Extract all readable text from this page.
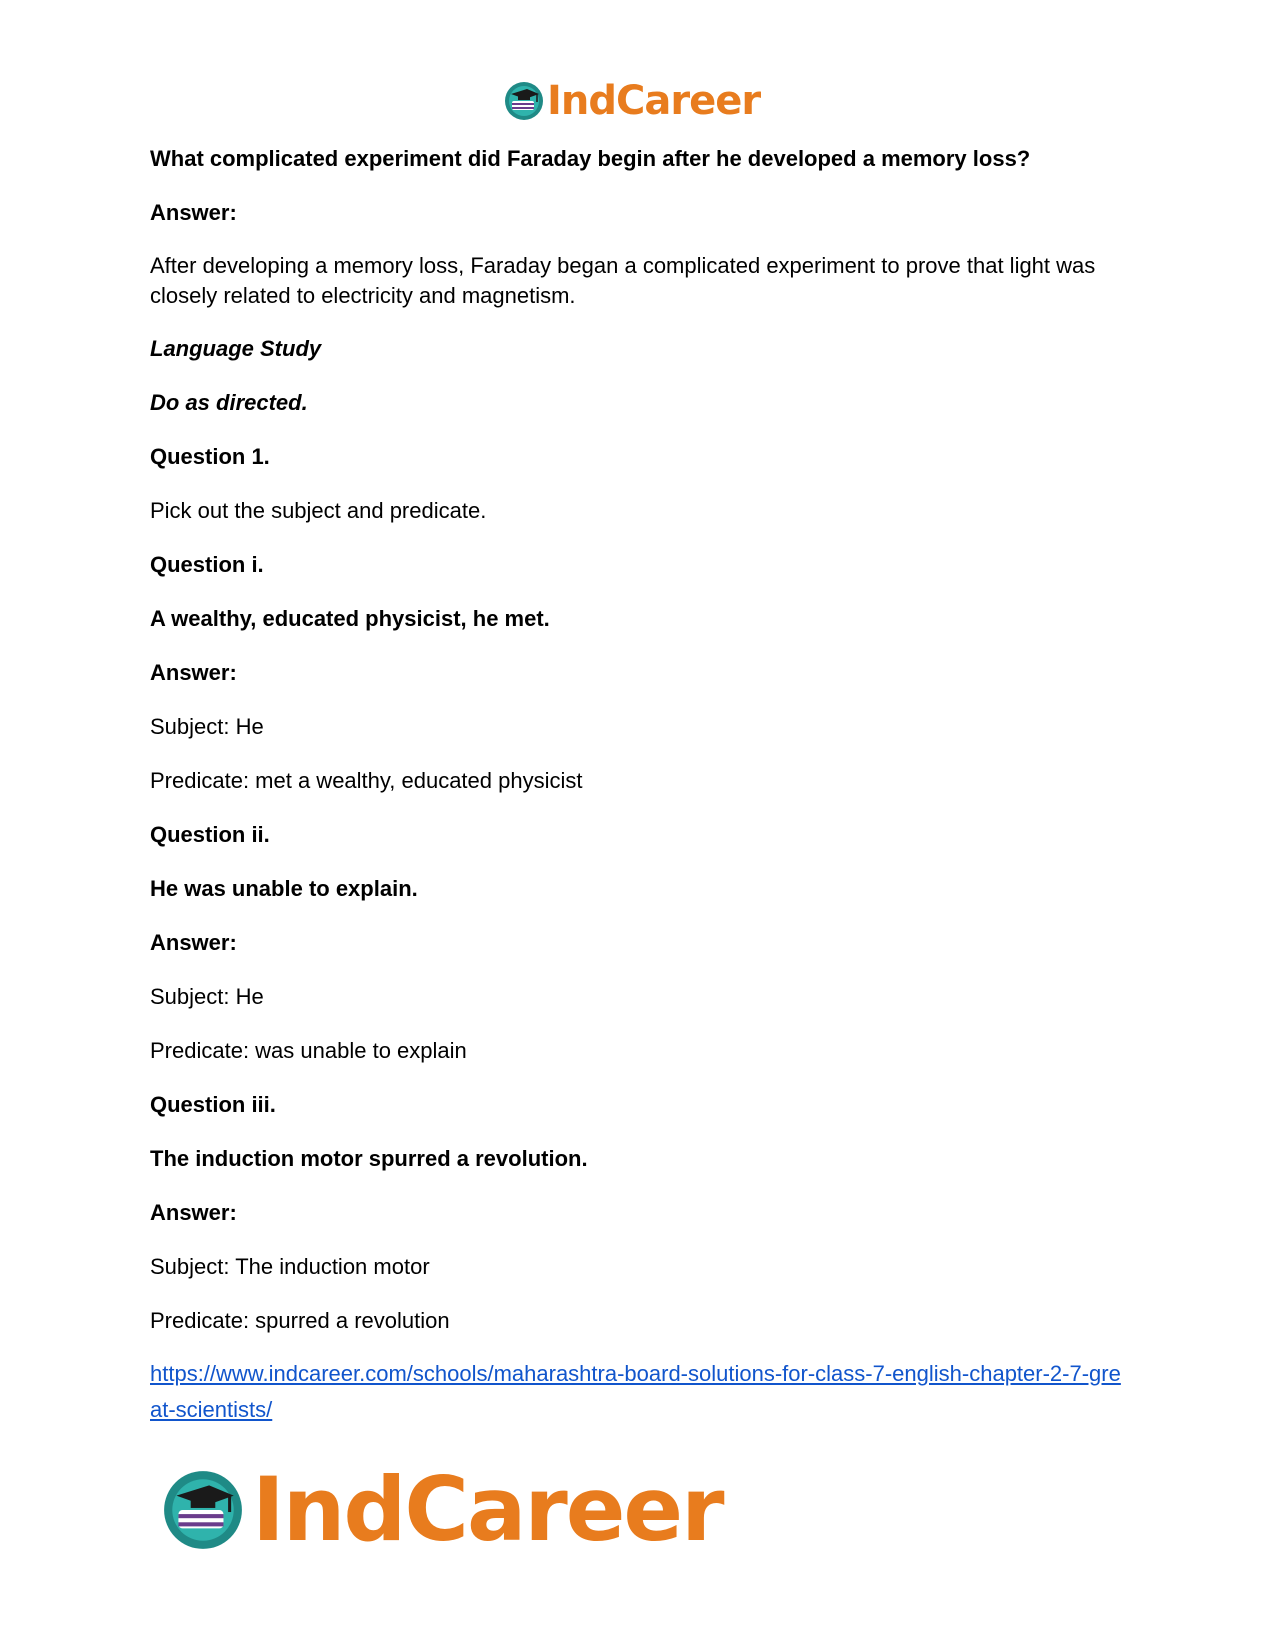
IndCareer
What complicated experiment did Faraday begin after he developed a memory loss?
Answer:
After developing a memory loss, Faraday began a complicated experiment to prove that light was closely related to electricity and magnetism.
Language Study
Do as directed.
Question 1.
Pick out the subject and predicate.
Question i.
A wealthy, educated physicist, he met.
Answer:
Subject: He
Predicate: met a wealthy, educated physicist
Question ii.
He was unable to explain.
Answer:
Subject: He
Predicate: was unable to explain
Question iii.
The induction motor spurred a revolution.
Answer:
Subject: The induction motor
Predicate: spurred a revolution
https://www.indcareer.com/schools/maharashtra-board-solutions-for-class-7-english-chapter-2-7-great-scientists/
IndCareer
